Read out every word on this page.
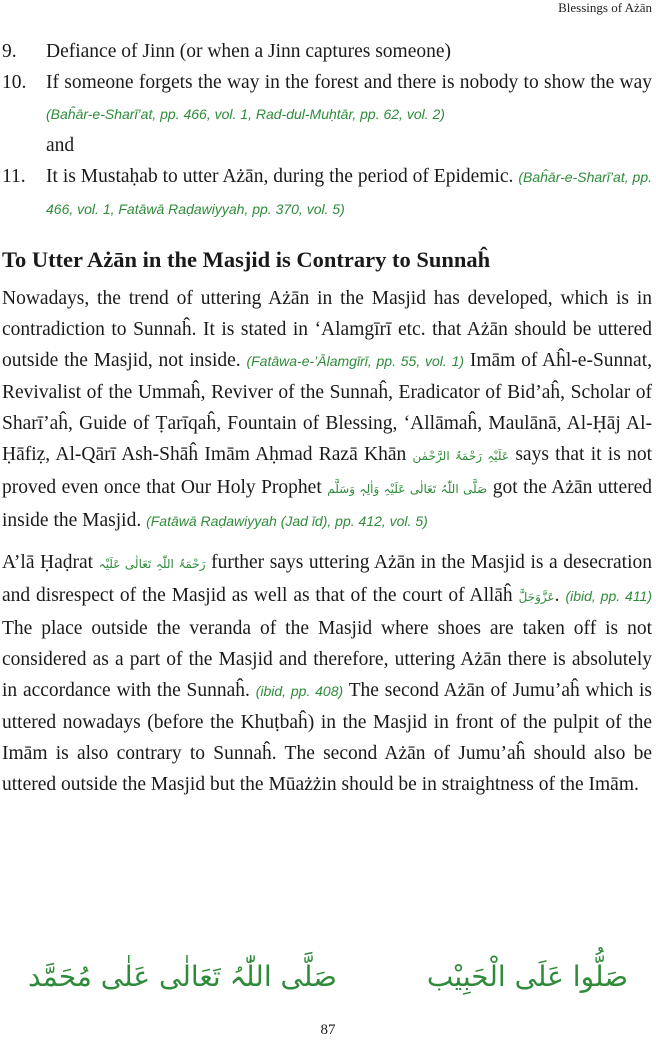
Blessings of Ażān
9.	Defiance of Jinn (or when a Jinn captures someone)
10.	If someone forgets the way in the forest and there is nobody to show the way (Baĥār-e-Sharī’at, pp. 466, vol. 1, Rad-dul-Muḥtār, pp. 62, vol. 2)
and
11.	It is Mustaḥab to utter Ażān, during the period of Epidemic. (Baĥār-e-Sharī’at, pp. 466, vol. 1, Fatāwā Raḍawiyyah, pp. 370, vol. 5)
To Utter Ażān in the Masjid is Contrary to Sunnaĥ

Nowadays, the trend of uttering Ażān in the Masjid has developed, which is in contradiction to Sunnaĥ. It is stated in ‘Alamgīrī etc. that Ażān should be uttered outside the Masjid, not inside. (Fatāwa-e-’Ālamgīrī, pp. 55, vol. 1) Imām of Aĥl-e-Sunnat, Revivalist of the Ummaĥ, Reviver of the Sunnaĥ, Eradicator of Bid’aĥ, Scholar of Sharī’aĥ, Guide of Ṭarīqaĥ, Fountain of Blessing, ‘Allāmaĥ, Maulānā, Al-Ḥāj Al-Ḥāfiẓ, Al-Qārī Ash-Shāĥ Imām Aḥmad Razā Khān عَلَیْہِ رَحْمَۃُ الرَّحْمٰن says that it is not proved even once that Our Holy Prophet صَلَّی اللّٰہُ تَعَالٰی عَلَیْہِ وَاٰلِہٖ وَسَلَّم got the Ażān uttered inside the Masjid. (Fatāwā Raḍawiyyah (Jad īd), pp. 412, vol. 5)

A’lā Ḥaḍrat رَحْمَۃُ اللّٰہِ تَعَالٰی عَلَیْہ further says uttering Ażān in the Masjid is a desecration and disrespect of the Masjid as well as that of the court of Allāĥ عَزَّوَجَلَّ. (ibid, pp. 411) The place outside the veranda of the Masjid where shoes are taken off is not considered as a part of the Masjid and therefore, uttering Ażān there is absolutely in accordance with the Sunnaĥ. (ibid, pp. 408) The second Ażān of Jumu’aĥ which is uttered nowadays (before the Khuṭbaĥ) in the Masjid in front of the pulpit of the Imām is also contrary to Sunnaĥ. The second Ażān of Jumu’aĥ should also be uttered outside the Masjid but the Mūażżin should be in straightness of the Imām.

صَلُّوا عَلَی الْحَبِیْب
صَلَّی اللّٰہُ تَعَالٰی عَلٰی مُحَمَّد
87
